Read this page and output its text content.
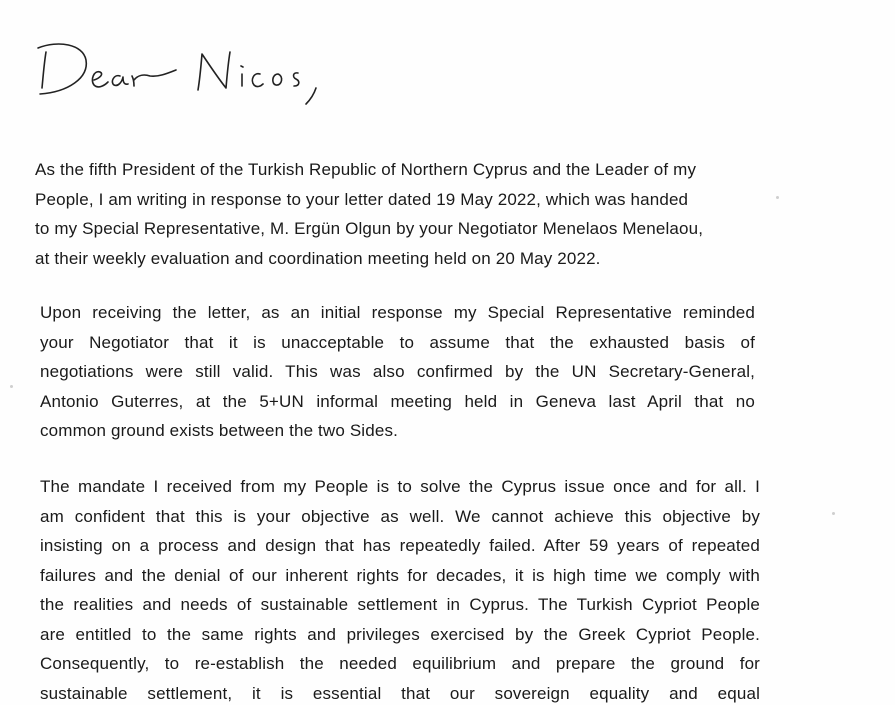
As the fifth President of the Turkish Republic of Northern Cyprus and the Leader of my
People, I am writing in response to your letter dated 19 May 2022, which was handed
to my Special Representative, M. Ergün Olgun by your Negotiator Menelaos Menelaou,
at their weekly evaluation and coordination meeting held on 20 May 2022.
Upon receiving the letter, as an initial response my Special Representative reminded
your Negotiator that it is unacceptable to assume that the exhausted basis of
negotiations were still valid. This was also confirmed by the UN Secretary-General,
Antonio Guterres, at the 5+UN informal meeting held in Geneva last April that no
common ground exists between the two Sides.
The mandate I received from my People is to solve the Cyprus issue once and for all. I
am confident that this is your objective as well. We cannot achieve this objective by
insisting on a process and design that has repeatedly failed. After 59 years of repeated
failures and the denial of our inherent rights for decades, it is high time we comply with
the realities and needs of sustainable settlement in Cyprus. The Turkish Cypriot People
are entitled to the same rights and privileges exercised by the Greek Cypriot People.
Consequently, to re-establish the needed equilibrium and prepare the ground for
sustainable settlement, it is essential that our sovereign equality and equal
